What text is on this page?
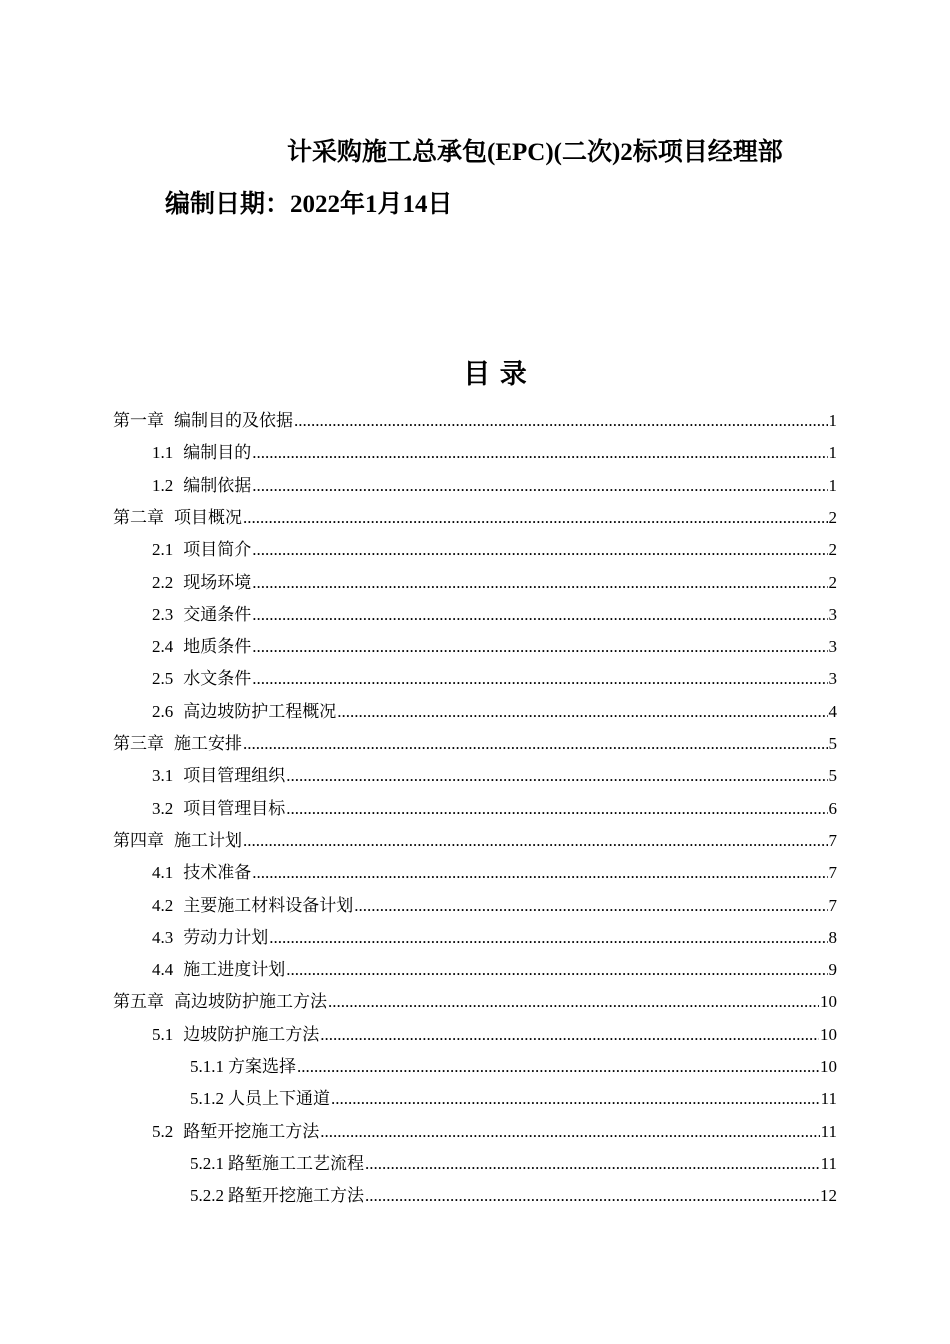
计采购施工总承包(EPC)(二次)2标项目经理部
编制日期：2022年1月14日
目 录
第一章 编制目的及依据 .....	1
1.1 编制目的 .....	1
1.2 编制依据 .....	1
第二章 项目概况 .....	2
2.1 项目简介 .....	2
2.2 现场环境 .....	2
2.3 交通条件 .....	3
2.4 地质条件 .....	3
2.5 水文条件 .....	3
2.6 高边坡防护工程概况 .....	4
第三章 施工安排 .....	5
3.1 项目管理组织 .....	5
3.2 项目管理目标 .....	6
第四章 施工计划 .....	7
4.1 技术准备 .....	7
4.2 主要施工材料设备计划 .....	7
4.3 劳动力计划 .....	8
4.4 施工进度计划 .....	9
第五章 高边坡防护施工方法 .....	10
5.1 边坡防护施工方法 .....	10
5.1.1 方案选择 .....	10
5.1.2 人员上下通道 .....	11
5.2 路堑开挖施工方法 .....	11
5.2.1 路堑施工工艺流程 .....	11
5.2.2 路堑开挖施工方法 .....	12
